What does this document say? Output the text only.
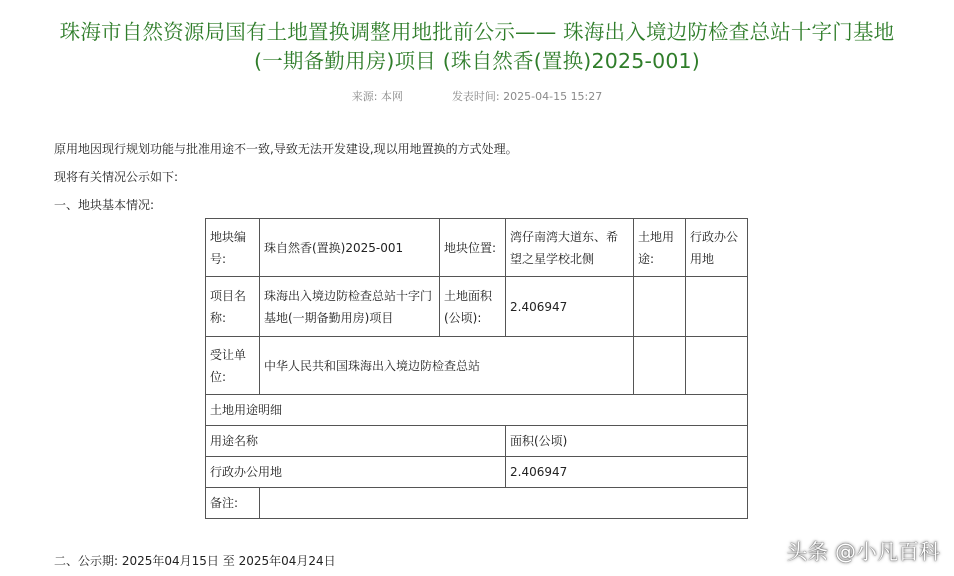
珠海市自然资源局国有土地置换调整用地批前公示—— 珠海出入境边防检查总站十字门基地
(一期备勤用房)项目 (珠自然香(置换)2025-001)
来源: 本网	发表时间: 2025-04-15 15:27
原用地因现行规划功能与批准用途不一致,导致无法开发建设,现以用地置换的方式处理。
现将有关情况公示如下:
一、地块基本情况:
地块编号:	珠自然香(置换)2025-001	地块位置:	湾仔南湾大道东、希望之星学校北侧	土地用途:	行政办公用地
项目名称:	珠海出入境边防检查总站十字门基地(一期备勤用房)项目	土地面积(公顷):	2.406947		
受让单位:	中华人民共和国珠海出入境边防检查总站				
土地用途明细					
用途名称			面积(公顷)		
行政办公用地			2.406947		
备注:					
二、公示期: 2025年04月15日 至 2025年04月24日	头条 @小凡百科
